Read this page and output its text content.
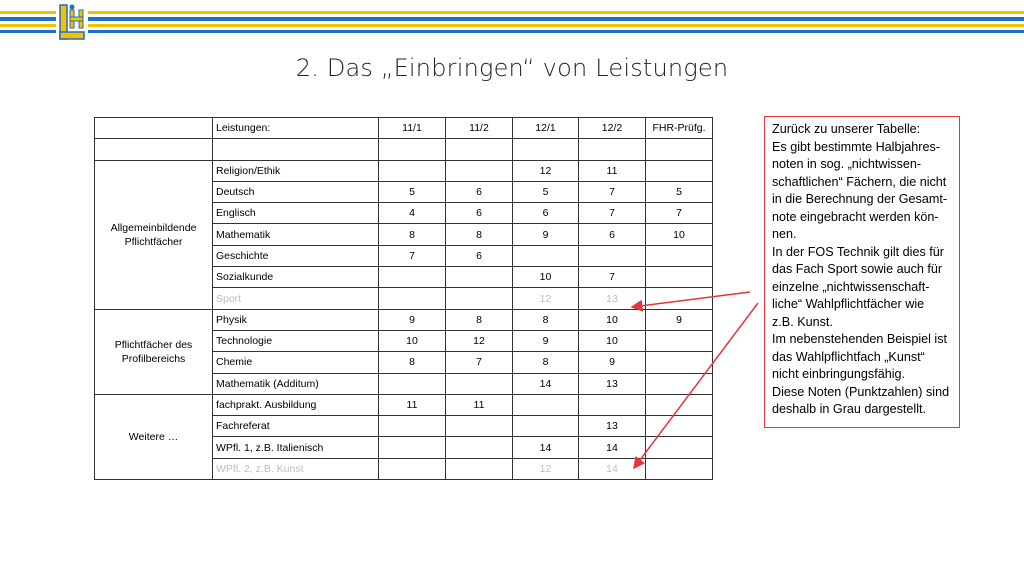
2. Das „Einbringen“ von Leistungen
	Leistungen:	11/1	11/2	12/1	12/2	FHR-Prüfg.

Allgemeinbildende Pflichtfächer	Religion/Ethik			12	11	
	Deutsch	5	6	5	7	5
	Englisch	4	6	6	7	7
	Mathematik	8	8	9	6	10
	Geschichte	7	6			
	Sozialkunde			10	7	
	Sport			12	13	
Pflichtfächer des Profilbereichs	Physik	9	8	8	10	9
	Technologie	10	12	9	10	
	Chemie	8	7	8	9	
	Mathematik (Additum)			14	13	
Weitere …	fachprakt. Ausbildung	11	11			
	Fachreferat				13	
	WPfl. 1, z.B. Italienisch			14	14	
	WPfl. 2, z.B. Kunst			12	14	
Zurück zu unserer Tabelle:
Es gibt bestimmte Halbjahres-
noten in sog. „nichtwissen-
schaftlichen“ Fächern, die nicht
in die Berechnung der Gesamt-
note eingebracht werden kön-
nen.
In der FOS Technik gilt dies für
das Fach Sport sowie auch für
einzelne „nichtwissenschaft-
liche“ Wahlpflichtfächer wie
z.B. Kunst.
Im nebenstehenden Beispiel ist
das Wahlpflichtfach „Kunst“
nicht einbringungsfähig.
Diese Noten (Punktzahlen) sind
deshalb in Grau dargestellt.
